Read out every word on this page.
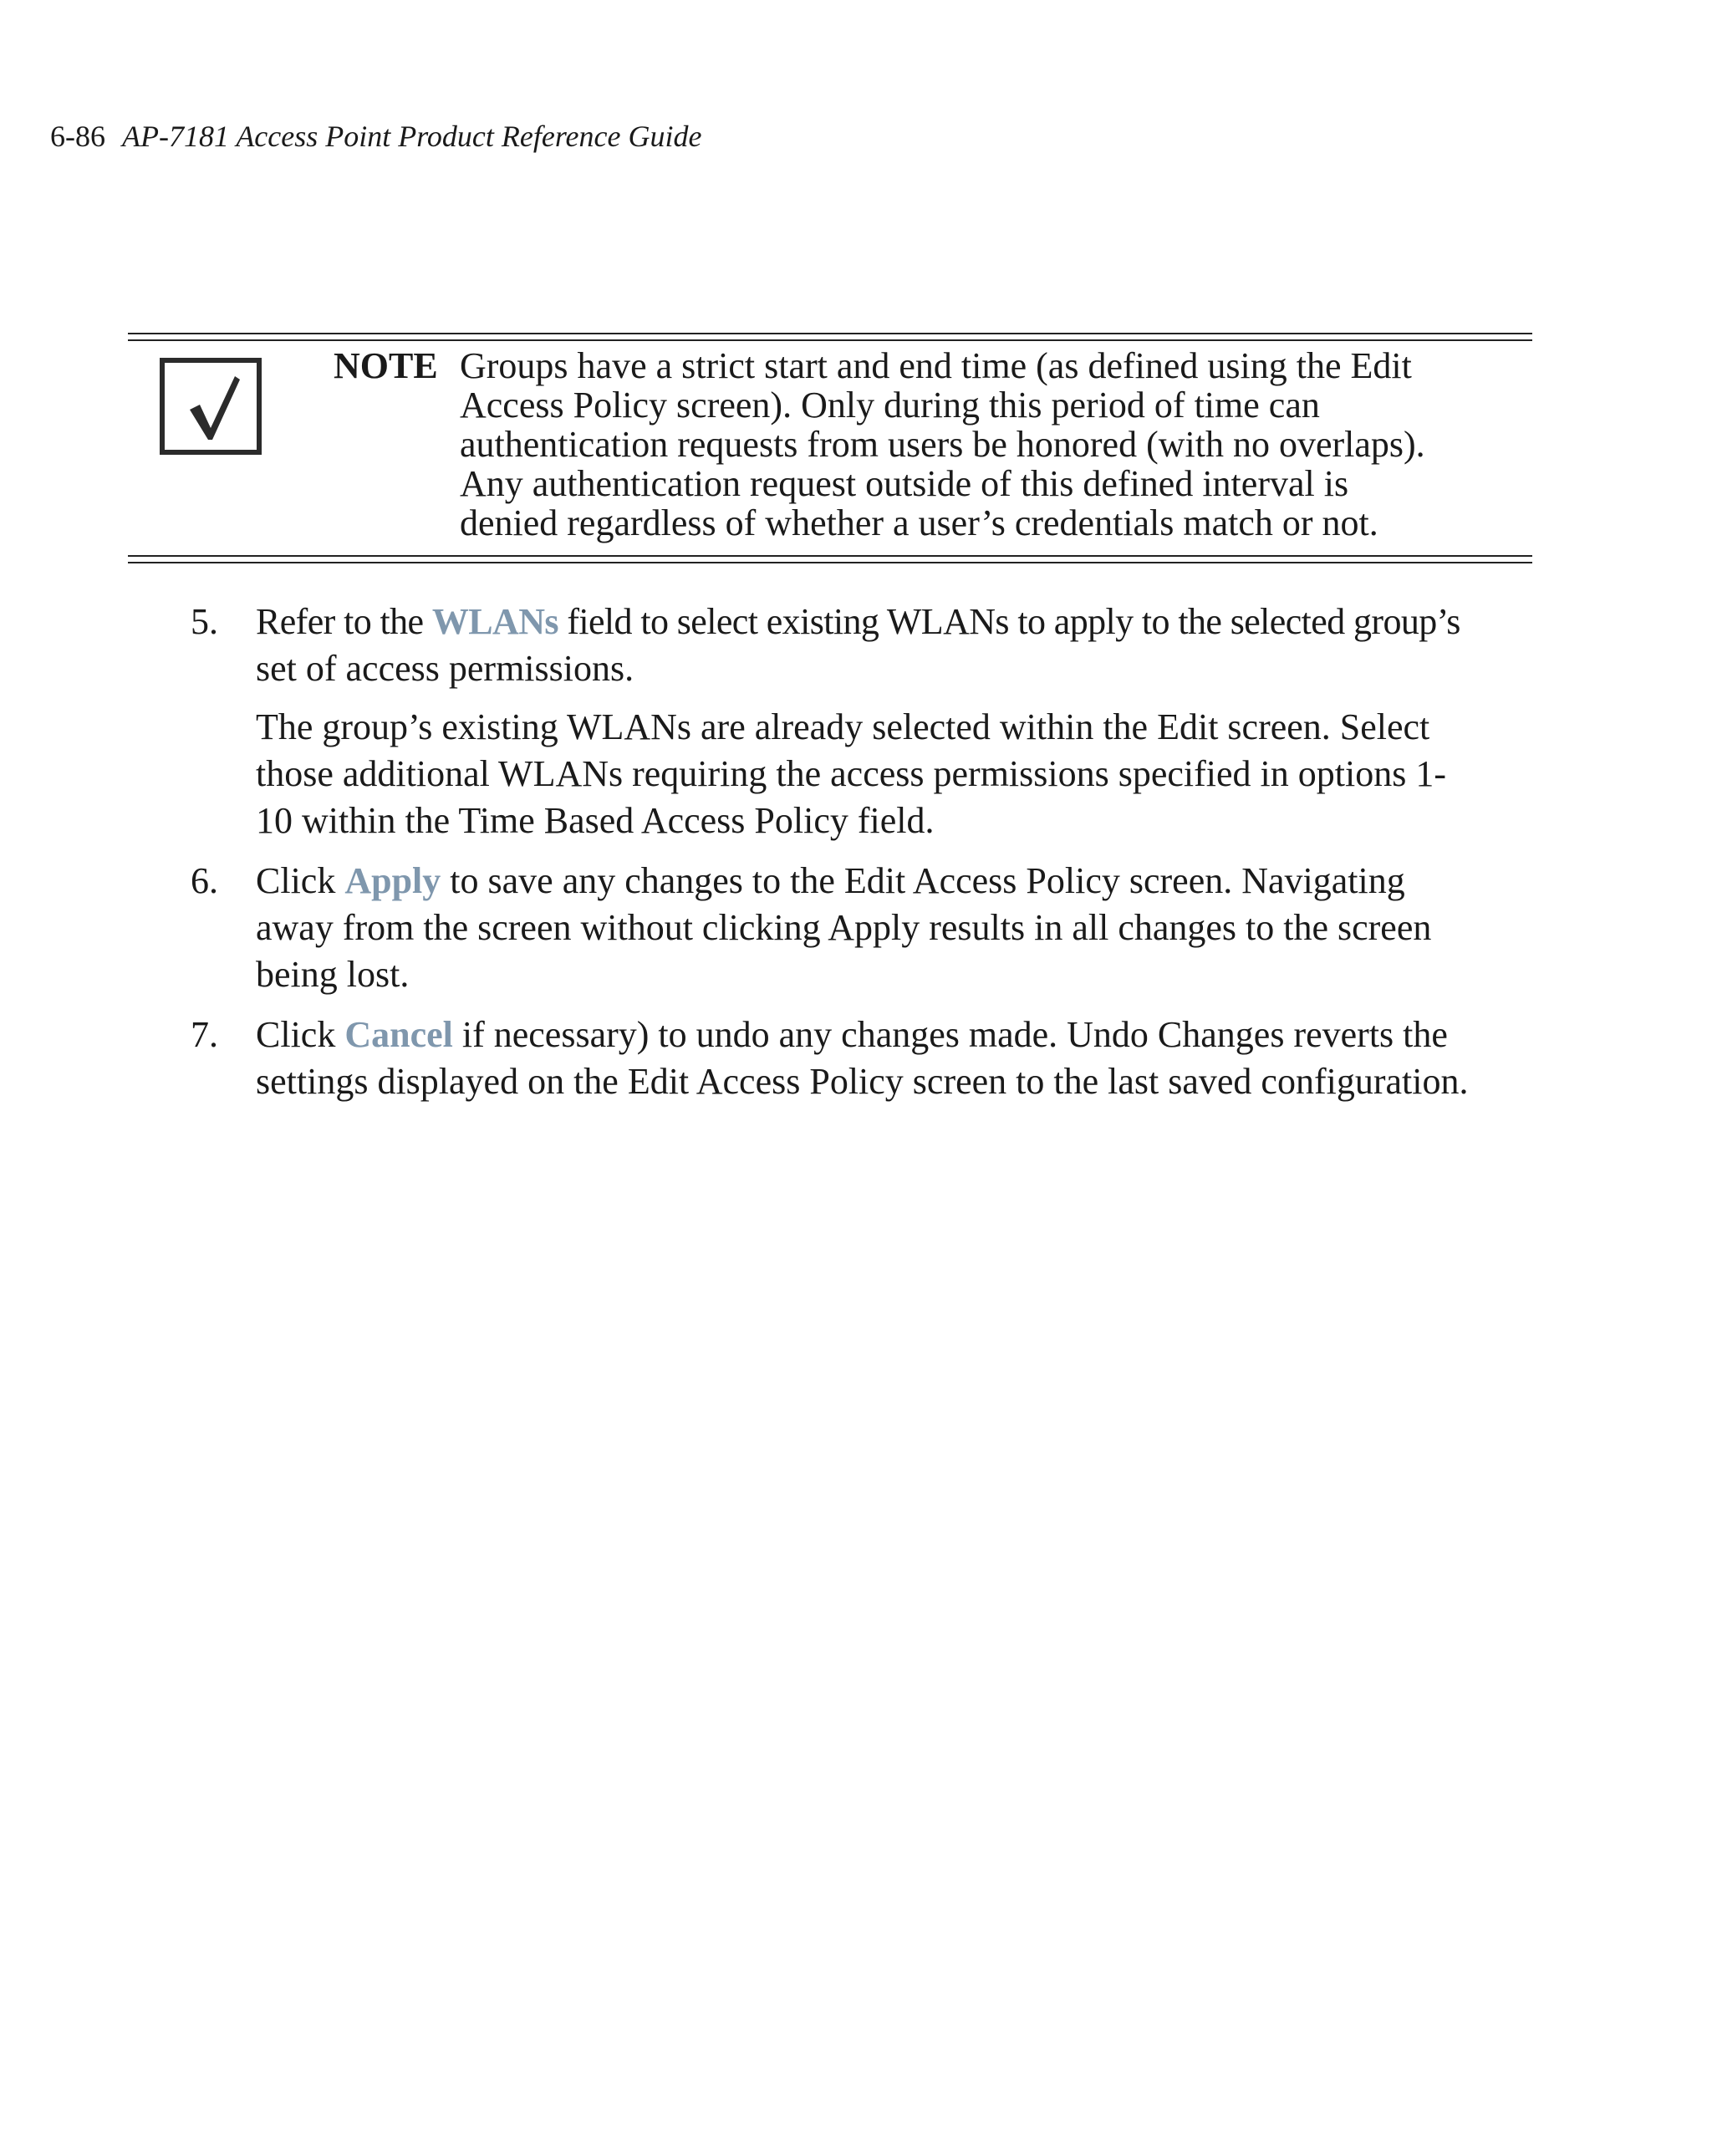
6-86 AP-7181 Access Point Product Reference Guide
NOTE Groups have a strict start and end time (as defined using the Edit
Access Policy screen). Only during this period of time can
authentication requests from users be honored (with no overlaps).
Any authentication request outside of this defined interval is
denied regardless of whether a user’s credentials match or not.
5. Refer to the WLANs field to select existing WLANs to apply to the selected group’s
set of access permissions.
The group’s existing WLANs are already selected within the Edit screen. Select
those additional WLANs requiring the access permissions specified in options 1-
10 within the Time Based Access Policy field.
6. Click Apply to save any changes to the Edit Access Policy screen. Navigating
away from the screen without clicking Apply results in all changes to the screen
being lost.
7. Click Cancel if necessary) to undo any changes made. Undo Changes reverts the
settings displayed on the Edit Access Policy screen to the last saved configuration.
